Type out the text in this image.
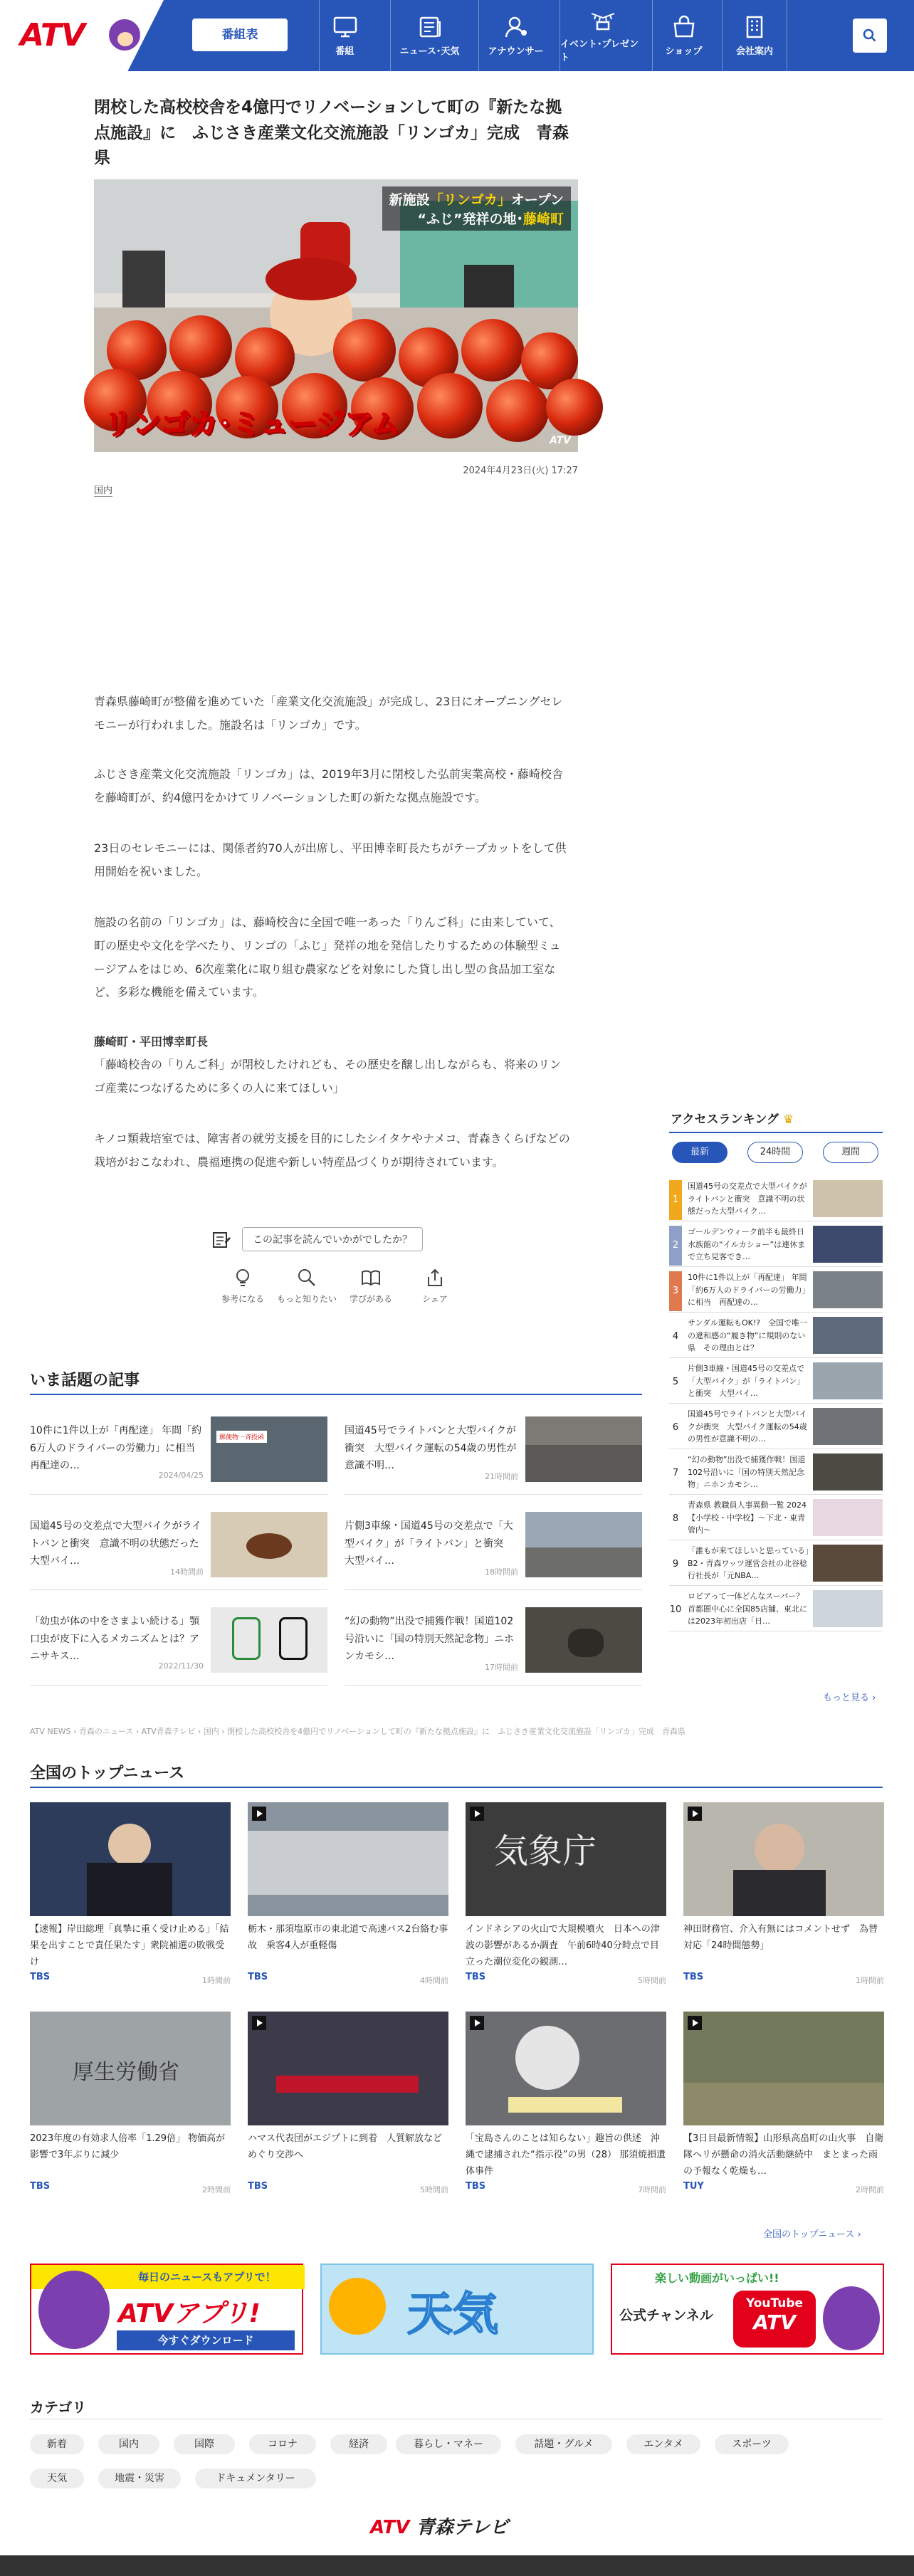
ATV	番組表
番組	ニュース･天気	アナウンサー
イベント･プレゼント
ショップ	会社案内
閉校した高校校舎を4億円でリノベーションして町の『新たな拠点施設』に　ふじさき産業文化交流施設「リンゴカ」完成　青森県
新施設「リンゴカ」オープン
“ふじ”発祥の地･藤崎町
リンゴカ･ミュージアム	ATV
2024年4月23日(火) 17:27
国内

青森県藤崎町が整備を進めていた「産業文化交流施設」が完成し、23日にオープニングセレモニーが行われました。施設名は「リンゴカ」です。

ふじさき産業文化交流施設「リンゴカ」は、2019年3月に閉校した弘前実業高校・藤崎校舎を藤崎町が、約4億円をかけてリノベーションした町の新たな拠点施設です。

23日のセレモニーには、関係者約70人が出席し、平田博幸町長たちがテープカットをして供用開始を祝いました。

施設の名前の「リンゴカ」は、藤崎校舎に全国で唯一あった「りんご科」に由来していて、町の歴史や文化を学べたり、リンゴの「ふじ」発祥の地を発信したりするための体験型ミュージアムをはじめ、6次産業化に取り組む農家などを対象にした貸し出し型の食品加工室など、多彩な機能を備えています。

藤崎町・平田博幸町長

「藤崎校舎の「りんご科」が閉校したけれども、その歴史を醸し出しながらも、将来のリンゴ産業につなげるために多くの人に来てほしい」

キノコ類栽培室では、障害者の就労支援を目的にしたシイタケやナメコ、青森きくらげなどの栽培がおこなわれ、農福連携の促進や新しい特産品づくりが期待されています。

この記事を読んでいかがでしたか？
参考になる もっと知りたい 学びがある	シェア
いま話題の記事
10件に1件以上が「再配達」 年間「約6万人のドライバーの労働力」に相当　再配達の…
2024/04/25
郵便物一斉投函
国道45号でライトバンと大型バイクが衝突　大型バイク運転の54歳の男性が意識不明…
21時間前
国道45号の交差点で大型バイクがライトバンと衝突　意識不明の状態だった大型バイ…
14時間前
片側3車線・国道45号の交差点で「大型バイク」が「ライトバン」と衝突　大型バイ…
18時間前
「幼虫が体の中をさまよい続ける」顎口虫が皮下に入るメカニズムとは？アニサキス…
2022/11/30
“幻の動物”出没で捕獲作戦！国道102号沿いに「国の特別天然記念物」ニホンカモシ…
17時間前
アクセスランキング ♛
最新	24時間	週間
1
国道45号の交差点で大型バイクがライトバンと衝突　意識不明の状態だった大型バイク…
2
ゴールデンウィーク前半も最終日　水族館の“イルカショー”は連休まで立ち見客でき…
3
10件に1件以上が「再配達」 年間「約6万人のドライバーの労働力」に相当　再配達の…
4
サンダル運転もOK!?　全国で唯一の違和感の“履き物”に規則のない県　その理由とは？
5
片側3車線・国道45号の交差点で「大型バイク」が「ライトバン」と衝突　大型バイ…
6
国道45号でライトバンと大型バイクが衝突　大型バイク運転の54歳の男性が意識不明の…
7
“幻の動物”出没で捕獲作戦！国道102号沿いに「国の特別天然記念物」ニホンカモシ…
8
青森県 教職員人事異動一覧 2024【小学校・中学校】〜下北・東青管内〜
9
「誰もが来てほしいと思っている」B2・青森ワッツ運営会社の北谷稔行社長が「元NBA…
10
ロピアって一体どんなスーパー？首都圏中心に全国85店舗、東北には2023年初出店「日…
もっと見る ›
ATV NEWS › 青森のニュース › ATV青森テレビ › 国内 › 閉校した高校校舎を4億円でリノベーションして町の『新たな拠点施設』に　ふじさき産業文化交流施設「リンゴカ」完成　青森県
全国のトップニュース
【速報】岸田総理「真摯に重く受け止める」「結果を出すことで責任果たす」衆院補選の敗戦受け
TBS	1時間前
栃木・那須塩原市の東北道で高速バス2台絡む事故　乗客4人が重軽傷
TBS	4時間前
気象庁
インドネシアの火山で大規模噴火　日本への津波の影響があるか調査　午前6時40分時点で目立った潮位変化の観測…
TBS	5時間前
神田財務官、介入有無にはコメントせず　為替対応「24時間態勢」
TBS	1時間前
厚生労働省
2023年度の有効求人倍率「1.29倍」 物価高が影響で3年ぶりに減少
TBS	2時間前
ハマス代表団がエジプトに到着　人質解放などめぐり交渉へ
TBS	5時間前
「宝島さんのことは知らない」趣旨の供述　沖縄で逮捕された“指示役”の男（28） 那須焼損遺体事件
TBS	7時間前
【3日目最新情報】山形県高畠町の山火事　自衛隊ヘリが懸命の消火活動継続中　まとまった雨の予報なく乾燥も…
TUY	2時間前
全国のトップニュース ›
毎日のニュースもアプリで！
ATVアプリ!
今すぐダウンロード	天気
楽しい動画がいっぱい!!
公式チャンネル
YouTube
ATV
カテゴリ
新着	国内	国際	コロナ	経済	暮らし・マネー	話題・グルメ	エンタメ	スポーツ
天気	地震・災害	ドキュメンタリー
ATV 青森テレビ
